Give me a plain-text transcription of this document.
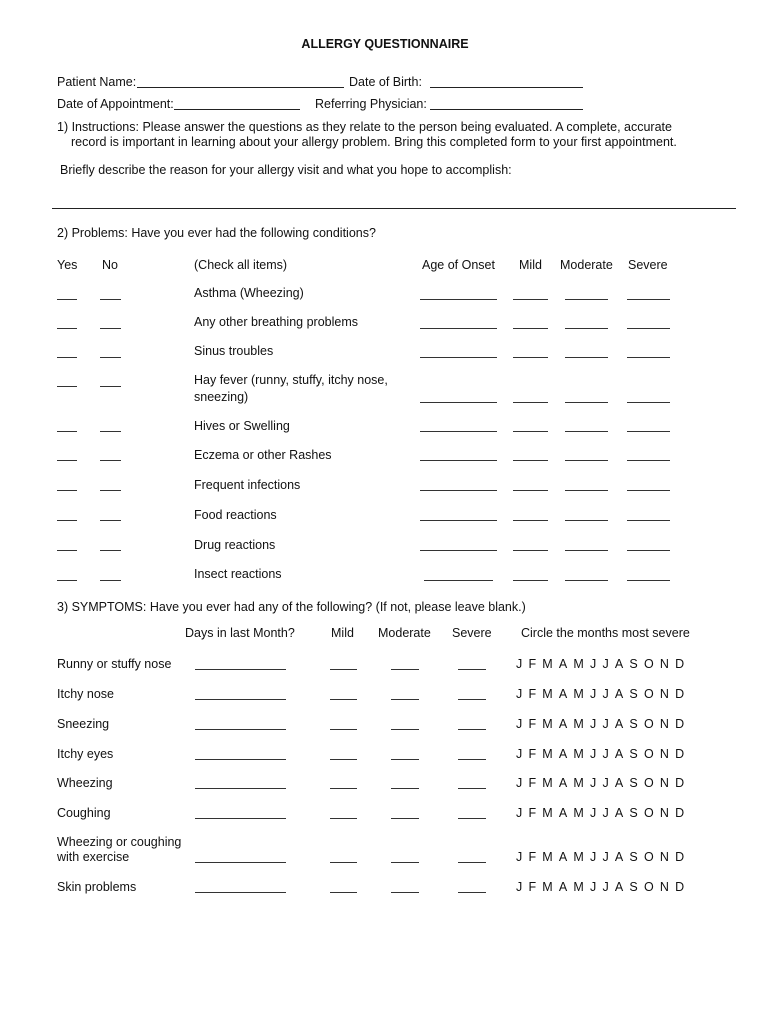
ALLERGY QUESTIONNAIRE
Patient Name:	Date of Birth:
Date of Appointment:	Referring Physician:
1) Instructions: Please answer the questions as they relate to the person being evaluated. A complete, accurate
record is important in learning about your allergy problem. Bring this completed form to your first appointment.
Briefly describe the reason for your allergy visit and what you hope to accomplish:
2) Problems: Have you ever had the following conditions?
Yes No	(Check all items)	Age of Onset Mild Moderate Severe
Asthma (Wheezing)
Any other breathing problems
Sinus troubles
Hay fever (runny, stuffy, itchy nose,
sneezing)
Hives or Swelling
Eczema or other Rashes
Frequent infections
Food reactions
Drug reactions
Insect reactions
3) SYMPTOMS: Have you ever had any of the following? (If not, please leave blank.)
Days in last Month?	Mild Moderate Severe Circle the months most severe
Runny or stuffy nose	J F M A M J J A S O N D
Itchy nose	J F M A M J J A S O N D
Sneezing	J F M A M J J A S O N D
Itchy eyes	J F M A M J J A S O N D
Wheezing	J F M A M J J A S O N D
Coughing	J F M A M J J A S O N D
Wheezing or coughing
with exercise	J F M A M J J A S O N D
Skin problems	J F M A M J J A S O N D
